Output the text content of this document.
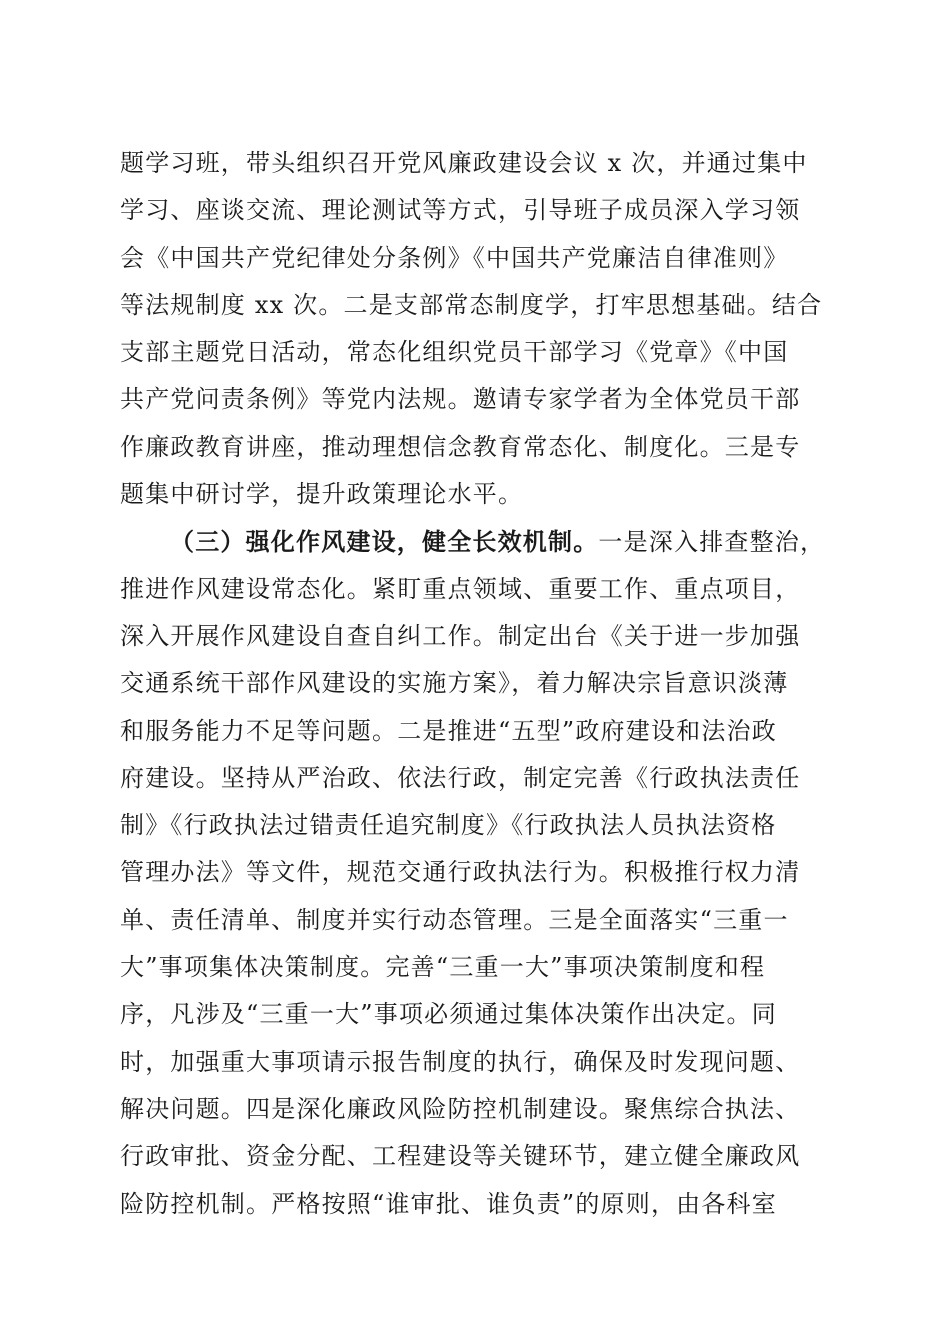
题学习班，带头组织召开党风廉政建设会议 x 次，并通过集中
学习、座谈交流、理论测试等方式，引导班子成员深入学习领
会《中国共产党纪律处分条例》《中国共产党廉洁自律准则》
等法规制度 xx 次。二是支部常态制度学，打牢思想基础。结合
支部主题党日活动，常态化组织党员干部学习《党章》《中国
共产党问责条例》等党内法规。邀请专家学者为全体党员干部
作廉政教育讲座，推动理想信念教育常态化、制度化。三是专
题集中研讨学，提升政策理论水平。
（三）强化作风建设，健全长效机制。一是深入排查整治，
推进作风建设常态化。紧盯重点领域、重要工作、重点项目，
深入开展作风建设自查自纠工作。制定出台《关于进一步加强
交通系统干部作风建设的实施方案》，着力解决宗旨意识淡薄
和服务能力不足等问题。二是推进“五型”政府建设和法治政
府建设。坚持从严治政、依法行政，制定完善《行政执法责任
制》《行政执法过错责任追究制度》《行政执法人员执法资格
管理办法》等文件，规范交通行政执法行为。积极推行权力清
单、责任清单、制度并实行动态管理。三是全面落实“三重一
大”事项集体决策制度。完善“三重一大”事项决策制度和程
序，凡涉及“三重一大”事项必须通过集体决策作出决定。同
时，加强重大事项请示报告制度的执行，确保及时发现问题、
解决问题。四是深化廉政风险防控机制建设。聚焦综合执法、
行政审批、资金分配、工程建设等关键环节，建立健全廉政风
险防控机制。严格按照“谁审批、谁负责”的原则，由各科室
